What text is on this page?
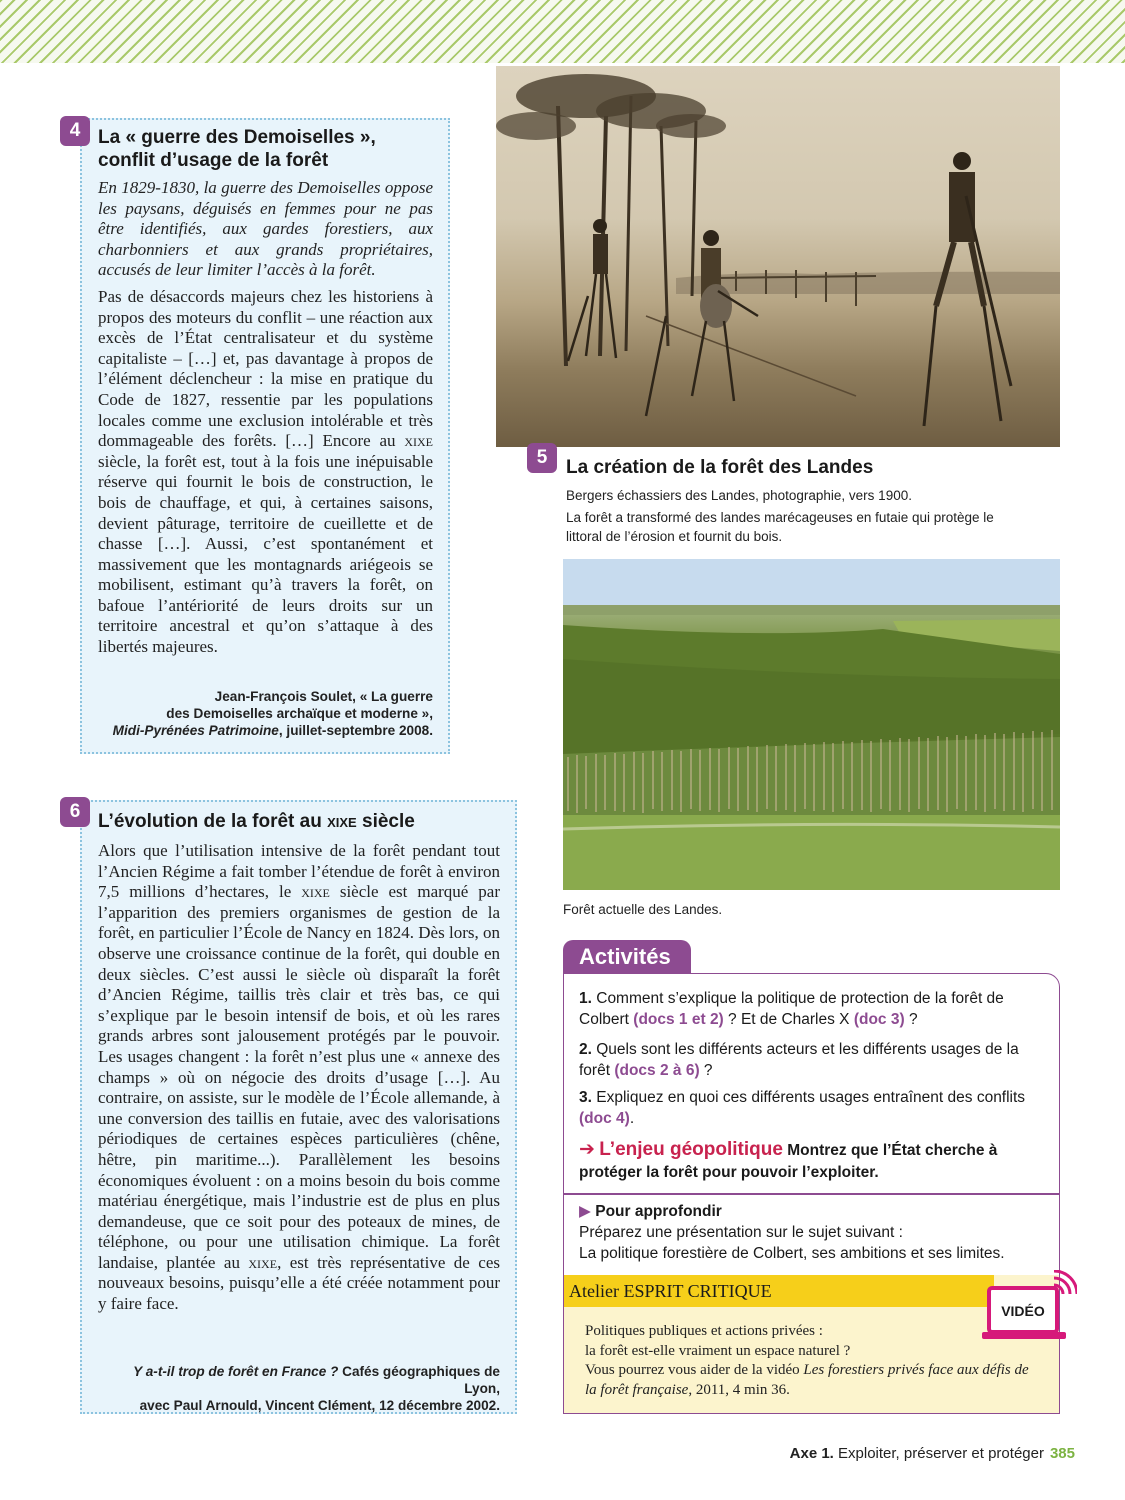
4 La « guerre des Demoiselles »,
conflit d’usage de la forêt

En 1829-1830, la guerre des Demoiselles oppose les paysans, déguisés en femmes pour ne pas être identifiés, aux gardes forestiers, aux charbonniers et aux grands propriétaires, accusés de leur limiter l’accès à la forêt.

Pas de désaccords majeurs chez les historiens à propos des moteurs du conflit – une réaction aux excès de l’État centralisateur et du système capitaliste – […] et, pas davantage à propos de l’élément déclencheur : la mise en pratique du Code de 1827, ressentie par les populations locales comme une exclusion intolérable et très dommageable des forêts. […] Encore au xixe siècle, la forêt est, tout à la fois une inépuisable réserve qui fournit le bois de construction, le bois de chauffage, et qui, à certaines saisons, devient pâturage, territoire de cueillette et de chasse […]. Aussi, c’est spontanément et massivement que les montagnards ariégeois se mobilisent, estimant qu’à travers la forêt, on bafoue l’antériorité de leurs droits sur un territoire ancestral et qu’on s’attaque à des libertés majeures.

Jean-François Soulet, « La guerre
des Demoiselles archaïque et moderne »,
Midi-Pyrénées Patrimoine, juillet-septembre 2008.
5 La création de la forêt des Landes
Bergers échassiers des Landes, photographie, vers 1900.
La forêt a transformé des landes marécageuses en futaie qui protège le littoral de l’érosion et fournit du bois.
Forêt actuelle des Landes.
6 L’évolution de la forêt au xixe siècle

Alors que l’utilisation intensive de la forêt pendant tout l’Ancien Régime a fait tomber l’étendue de forêt à environ 7,5 millions d’hectares, le xixe siècle est marqué par l’apparition des premiers organismes de gestion de la forêt, en particulier l’École de Nancy en 1824. Dès lors, on observe une croissance continue de la forêt, qui double en deux siècles. C’est aussi le siècle où disparaît la forêt d’Ancien Régime, taillis très clair et très bas, ce qui s’explique par le besoin intensif de bois, et où les rares grands arbres sont jalousement protégés par le pouvoir. Les usages changent : la forêt n’est plus une « annexe des champs » où on négocie des droits d’usage […]. Au contraire, on assiste, sur le modèle de l’École allemande, à une conversion des taillis en futaie, avec des valorisations périodiques de certaines espèces particulières (chêne, hêtre, pin maritime...). Parallèlement les besoins économiques évoluent : on a moins besoin du bois comme matériau énergétique, mais l’industrie est de plus en plus demandeuse, que ce soit pour des poteaux de mines, de téléphone, ou pour une utilisation chimique. La forêt landaise, plantée au xixe, est très représentative de ces nouveaux besoins, puisqu’elle a été créée notamment pour y faire face.

Y a-t-il trop de forêt en France ? Cafés géographiques de Lyon,
avec Paul Arnould, Vincent Clément, 12 décembre 2002.
Activités
1. Comment s’explique la politique de protection de la forêt de Colbert (docs 1 et 2) ? Et de Charles X (doc 3) ?
2. Quels sont les différents acteurs et les différents usages de la forêt (docs 2 à 6) ?
3. Expliquez en quoi ces différents usages entraînent des conflits (doc 4).
➔ L’enjeu géopolitique Montrez que l’État cherche à protéger la forêt pour pouvoir l’exploiter.
▶ Pour approfondir
Préparez une présentation sur le sujet suivant :
La politique forestière de Colbert, ses ambitions et ses limites.
Atelier ESPRIT CRITIQUE
Politiques publiques et actions privées :
la forêt est-elle vraiment un espace naturel ?
Vous pourrez vous aider de la vidéo Les forestiers privés face aux défis de la forêt française, 2011, 4 min 36.
VIDÉO
Axe 1. Exploiter, préserver et protéger 385
